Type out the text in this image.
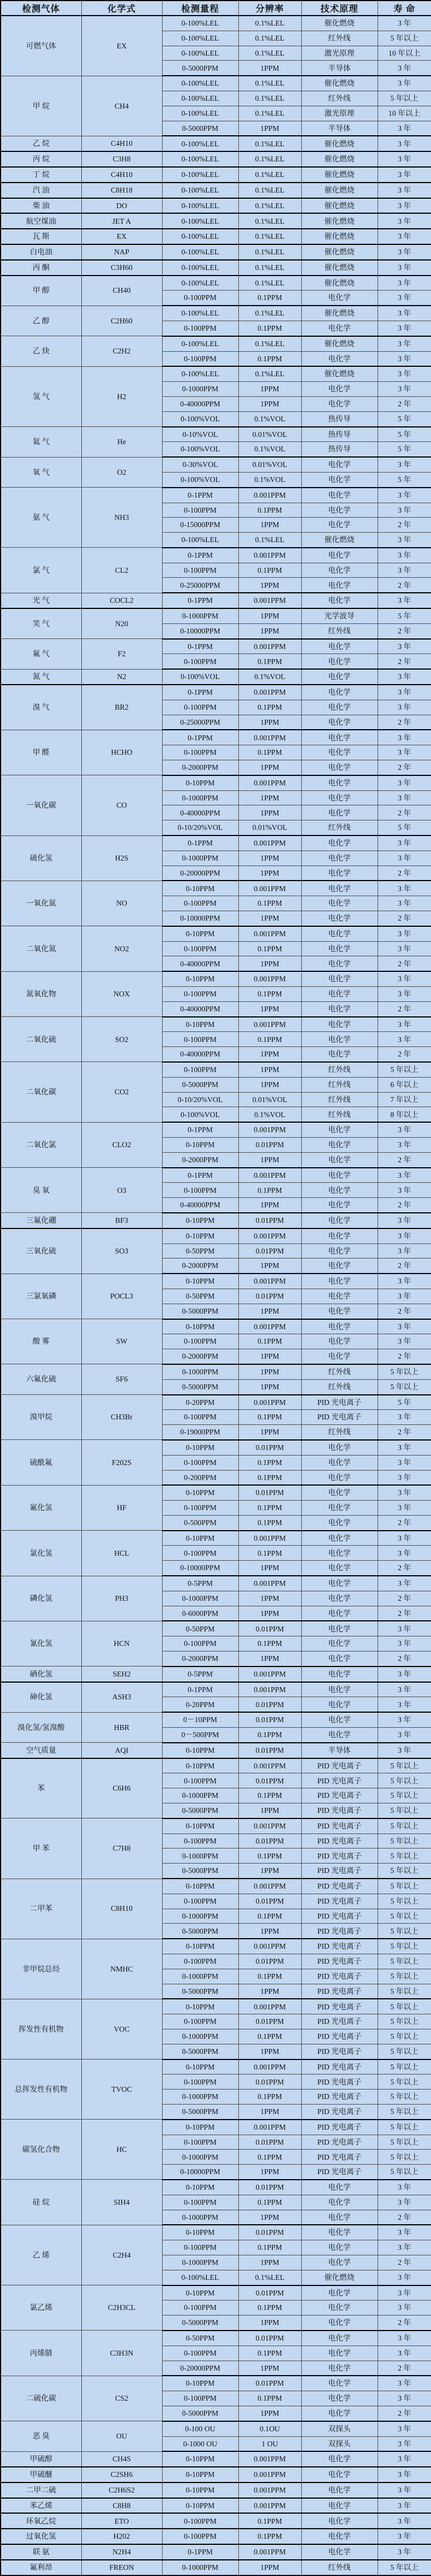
检测气体	化学式	检测量程	分辨率	技术原理	寿 命
可燃气体	EX	0-100%LEL	0.1%LEL	催化燃烧	3 年
		0-100%LEL	0.1%LEL	红外线	5 年以上
		0-100%LEL	0.1%LEL	激光原理	10 年以上
		0-5000PPM	1PPM	半导体	3 年
甲 烷	CH4	0-100%LEL	0.1%LEL	催化燃烧	3 年
		0-100%LEL	0.1%LEL	红外线	5 年以上
		0-100%LEL	0.1%LEL	激光原理	10 年以上
		0-5000PPM	1PPM	半导体	3 年
乙 烷	C4H10	0-100%LEL	0.1%LEL	催化燃烧	3 年
丙 烷	C3H8	0-100%LEL	0.1%LEL	催化燃烧	3 年
丁 烷	C4H10	0-100%LEL	0.1%LEL	催化燃烧	3 年
汽 油	C8H18	0-100%LEL	0.1%LEL	催化燃烧	3 年
柴 油	DO	0-100%LEL	0.1%LEL	催化燃烧	3 年
航空煤油	JET A	0-100%LEL	0.1%LEL	催化燃烧	3 年
瓦 斯	EX	0-100%LEL	0.1%LEL	催化燃烧	3 年
白电油	NAP	0-100%LEL	0.1%LEL	催化燃烧	3 年
丙 酮	C3H60	0-100%LEL	0.1%LEL	催化燃烧	3 年
甲 醇	CH40	0-100%LEL	0.1%LEL	催化燃烧	3 年
		0-100PPM	0.1PPM	电化学	3 年
乙 醇	C2H60	0-100%LEL	0.1%LEL	催化燃烧	3 年
		0-100PPM	0.1PPM	电化学	3 年
乙 炔	C2H2	0-100%LEL	0.1%LEL	催化燃烧	3 年
		0-100PPM	0.1PPM	电化学	3 年
氢 气	H2	0-100%LEL	0.1%LEL	催化燃烧	3 年
		0-1000PPM	1PPM	电化学	3 年
		0-40000PPM	1PPM	电化学	2 年
		0-100%VOL	0.1%VOL	热传导	5 年
氦 气	He	0-10%VOL	0.01%VOL	热传导	5 年
		0-100%VOL	0.1%VOL	热传导	5 年
氧 气	O2	0-30%VOL	0.01%VOL	电化学	3 年
		0-100%VOL	0.1%VOL	电化学	5 年
氨 气	NH3	0-1PPM	0.001PPM	电化学	3 年
		0-100PPM	0.1PPM	电化学	3 年
		0-15000PPM	1PPM	电化学	2 年
		0-100%LEL	0.1%LEL	催化燃烧	3 年
氯 气	CL2	0-1PPM	0.001PPM	电化学	3 年
		0-100PPM	0.1PPM	电化学	3 年
		0-25000PPM	1PPM	电化学	2 年
光 气	COCL2	0-1PPM	0.001PPM	电化学	3 年
笑 气	N20	0-1000PPM	1PPM	光学波导	5 年
		0-10000PPM	1PPM	红外线	2 年
氟 气	F2	0-1PPM	0.001PPM	电化学	3 年
		0-100PPM	0.1PPM	电化学	2 年
氮 气	N2	0-100%VOL	0.1%VOL	电化学	3 年
溴 气	BR2	0-1PPM	0.001PPM	电化学	3 年
		0-100PPM	0.1PPM	电化学	3 年
		0-25000PPM	1PPM	电化学	2 年
甲 醛	HCHO	0-1PPM	0.001PPM	电化学	3 年
		0-100PPM	0.1PPM	电化学	3 年
		0-2000PPM	1PPM	电化学	2 年
一氧化碳	CO	0-10PPM	0.001PPM	电化学	3 年
		0-1000PPM	1PPM	电化学	3 年
		0-40000PPM	1PPM	电化学	2 年
		0-10/20%VOL	0.01%VOL	红外线	5 年
硫化氢	H2S	0-1PPM	0.001PPM	电化学	3 年
		0-1000PPM	1PPM	电化学	3 年
		0-20000PPM	1PPM	电化学	2 年
一氧化氮	NO	0-10PPM	0.001PPM	电化学	3 年
		0-100PPM	0.1PPM	电化学	3 年
		0-10000PPM	1PPM	电化学	2 年
二氧化氮	NO2	0-10PPM	0.001PPM	电化学	3 年
		0-100PPM	0.1PPM	电化学	3 年
		0-40000PPM	1PPM	电化学	2 年
氮氧化物	NOX	0-10PPM	0.001PPM	电化学	3 年
		0-100PPM	0.1PPM	电化学	3 年
		0-40000PPM	1PPM	电化学	2 年
二氧化硫	SO2	0-10PPM	0.001PPM	电化学	3 年
		0-100PPM	0.1PPM	电化学	3 年
		0-40000PPM	1PPM	电化学	2 年
二氧化碳	CO2	0-100PPM	1PPM	红外线	5 年以上
		0-5000PPM	1PPM	红外线	6 年以上
		0-10/20%VOL	0.01%VOL	红外线	7 年以上
		0-100%VOL	0.1%VOL	红外线	8 年以上
二氧化氯	CLO2	0-1PPM	0.001PPM	电化学	3 年
		0-10PPM	0.01PPM	电化学	3 年
		0-2000PPM	1PPM	电化学	2 年
臭 氧	O3	0-1PPM	0.001PPM	电化学	3 年
		0-100PPM	0.1PPM	电化学	3 年
		0-40000PPM	1PPM	电化学	2 年
三氟化硼	BF3	0-10PPM	0.01PPM	电化学	3 年
三氧化硫	SO3	0-10PPM	0.001PPM	电化学	3 年
		0-50PPM	0.01PPM	电化学	3 年
		0-2000PPM	1PPM	电化学	2 年
三氯氧磷	POCL3	0-10PPM	0.001PPM	电化学	3 年
		0-50PPM	0.01PPM	电化学	3 年
		0-5000PPM	1PPM	电化学	2 年
酸 雾	SW	0-10PPM	0.001PPM	电化学	3 年
		0-100PPM	0.1PPM	电化学	3 年
		0-2000PPM	1PPM	电化学	2 年
六氟化硫	SF6	0-1000PPM	1PPM	红外线	5 年以上
		0-5000PPM	1PPM	红外线	5 年以上
溴甲烷	CH3Br	0-20PPM	0.001PPM	PID 光电离子	5 年
		0-100PPM	0.1PPM	PID 光电离子	3 年
		0-19000PPM	1PPM	红外线	2 年
硫酰氟	F202S	0-10PPM	0.01PPM	电化学	3 年
		0-100PPM	0.1PPM	电化学	3 年
		0-200PPM	0.1PPM	电化学	3 年
氟化氢	HF	0-10PPM	0.01PPM	电化学	3 年
		0-100PPM	0.1PPM	电化学	3 年
		0-500PPM	0.1PPM	电化学	2 年
氯化氢	HCL	0-10PPM	0.001PPM	电化学	3 年
		0-100PPM	0.1PPM	电化学	3 年
		0-10000PPM	1PPM	电化学	2 年
磷化氢	PH3	0-5PPM	0.001PPM	电化学	3 年
		0-1000PPM	1PPM	电化学	2 年
		0-6000PPM	1PPM	电化学	2 年
氰化氢	HCN	0-50PPM	0.01PPM	电化学	3 年
		0-100PPM	0.1PPM	电化学	3 年
		0-2000PPM	1PPM	电化学	2 年
硒化氢	SEH2	0-5PPM	0.001PPM	电化学	3 年
砷化氢	ASH3	0-1PPM	0.001PPM	电化学	3 年
		0-20PPM	0.01PPM	电化学	3 年
溴化氢/氢溴酸	HBR	0－10PPM	0.01PPM	电化学	3 年
		0－500PPM	0.1PPM	电化学	3 年
空气质量	AQI	0-10PPM	0.01PPM	半导体	3 年
苯	C6H6	0-10PPM	0.001PPM	PID 光电离子	5 年以上
		0-100PPM	0.01PPM	PID 光电离子	5 年以上
		0-1000PPM	0.1PPM	PID 光电离子	5 年以上
		0-5000PPM	1PPM	PID 光电离子	5 年以上
甲 苯	C7H8	0-10PPM	0.001PPM	PID 光电离子	5 年以上
		0-100PPM	0.01PPM	PID 光电离子	5 年以上
		0-1000PPM	0.1PPM	PID 光电离子	5 年以上
		0-5000PPM	1PPM	PID 光电离子	5 年以上
二甲苯	C8H10	0-10PPM	0.001PPM	PID 光电离子	5 年以上
		0-100PPM	0.01PPM	PID 光电离子	5 年以上
		0-1000PPM	0.1PPM	PID 光电离子	5 年以上
		0-5000PPM	1PPM	PID 光电离子	5 年以上
非甲烷总烃	NMHC	0-10PPM	0.001PPM	PID 光电离子	5 年以上
		0-100PPM	0.01PPM	PID 光电离子	5 年以上
		0-1000PPM	0.1PPM	PID 光电离子	5 年以上
		0-5000PPM	1PPM	PID 光电离子	5 年以上
挥发性有机物	VOC	0-10PPM	0.001PPM	PID 光电离子	5 年以上
		0-100PPM	0.01PPM	PID 光电离子	5 年以上
		0-1000PPM	0.1PPM	PID 光电离子	5 年以上
		0-5000PPM	1PPM	PID 光电离子	5 年以上
总挥发性有机物	TVOC	0-10PPM	0.001PPM	PID 光电离子	5 年以上
		0-100PPM	0.01PPM	PID 光电离子	5 年以上
		0-1000PPM	0.1PPM	PID 光电离子	5 年以上
		0-5000PPM	1PPM	PID 光电离子	5 年以上
碳氢化合物	HC	0-10PPM	0.001PPM	PID 光电离子	5 年以上
		0-100PPM	0.01PPM	PID 光电离子	5 年以上
		0-1000PPM	0.1PPM	PID 光电离子	5 年以上
		0-10000PPM	1PPM	PID 光电离子	5 年以上
硅 烷	SIH4	0-10PPM	0.01PPM	电化学	3 年
		0-100PPM	0.1PPM	电化学	3 年
		0-1000PPM	1PPM	电化学	2 年
乙 烯	C2H4	0-10PPM	0.01PPM	电化学	3 年
		0-100PPM	0.1PPM	电化学	3 年
		0-1000PPM	1PPM	电化学	2 年
		0-100%LEL	0.1%LEL	催化燃烧	3 年
氯乙烯	C2H3CL	0-10PPM	0.01PPM	电化学	3 年
		0-100PPM	0.1PPM	电化学	3 年
		0-5000PPM	1PPM	电化学	2 年
丙烯腈	C3H3N	0-50PPM	0.01PPM	电化学	3 年
		0-100PPM	0.1PPM	电化学	3 年
		0-20000PPM	1PPM	电化学	2 年
二硫化碳	CS2	0-10PPM	0.01PPM	电化学	3 年
		0-100PPM	0.1PPM	电化学	3 年
		0-5000PPM	1PPM	电化学	2 年
恶 臭	OU	0-100 OU	0.1OU	双探头	3 年
		0-1000 OU	1 OU	双探头	3 年
甲硫醇	CH4S	0-10PPM	0.001PPM	电化学	3 年
甲硫醚	C2SH6	0-10PPM	0.001PPM	电化学	3 年
二甲二硫	C2H6S2	0-10PPM	0.001PPM	电化学	3 年
苯乙烯	C8H8	0-10PPM	0.001PPM	电化学	3 年
环氧乙烷	ETO	0-100PPM	0.1PPM	电化学	3 年
过氧化氢	H202	0-100PPM	0.1PPM	电化学	3 年
联 氨	N2H4	0-1PPM	0.001PPM	电化学	3 年
氟利昂	FREON	0-1000PPM	1PPM	红外线	5 年以上
